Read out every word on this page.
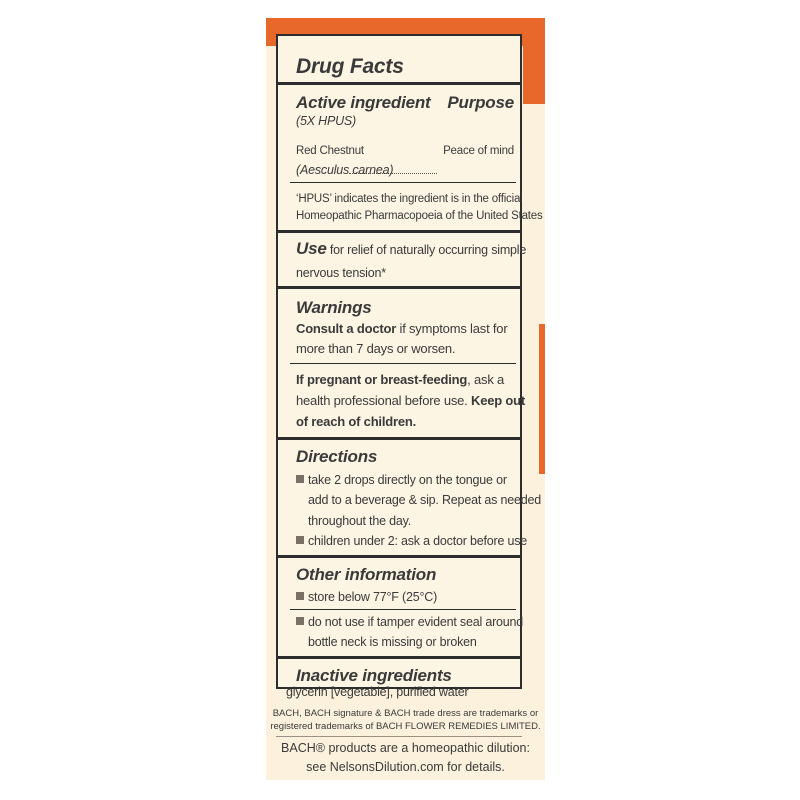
Drug Facts
Active ingredient Purpose
(5X HPUS)
Red Chestnut	Peace of mind
(Aesculus carnea)
‘HPUS’ indicates the ingredient is in the official
Homeopathic Pharmacopoeia of the United States
Use for relief of naturally occurring simple
nervous tension*
Warnings
Consult a doctor if symptoms last for
more than 7 days or worsen.
If pregnant or breast-feeding, ask a
health professional before use. Keep out
of reach of children.
Directions
take 2 drops directly on the tongue or
add to a beverage & sip. Repeat as needed
throughout the day.
children under 2: ask a doctor before use
Other information
store below 77°F (25°C)
do not use if tamper evident seal around
bottle neck is missing or broken
Inactive ingredients
glycerin [vegetable], purified water
BACH, BACH signature & BACH trade dress are trademarks or
registered trademarks of BACH FLOWER REMEDIES LIMITED.
BACH® products are a homeopathic dilution:
see NelsonsDilution.com for details.
